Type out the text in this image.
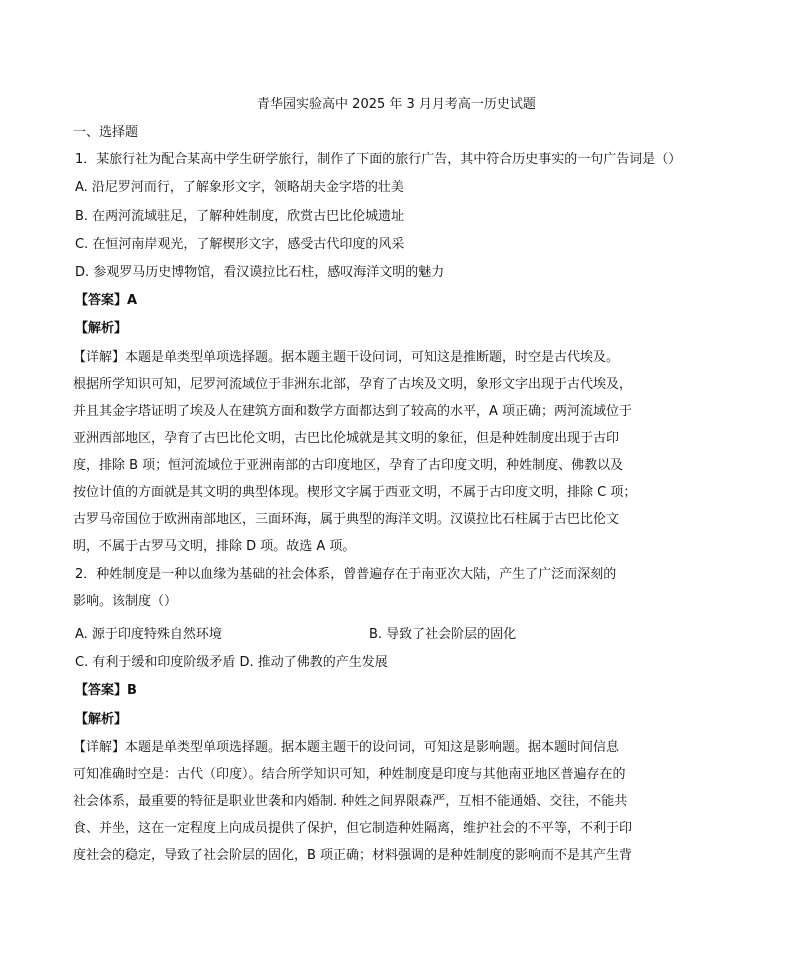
青华园实验高中 2025 年 3 月月考高一历史试题
一、选择题
1．某旅行社为配合某高中学生研学旅行，制作了下面的旅行广告，其中符合历史事实的一句广告词是（）
A. 沿尼罗河而行，了解象形文字，领略胡夫金字塔的壮美
B. 在两河流域驻足，了解种姓制度，欣赏古巴比伦城遗址
C. 在恒河南岸观光，了解楔形文字，感受古代印度的风采
D. 参观罗马历史博物馆，看汉谟拉比石柱，感叹海洋文明的魅力
【答案】A
【解析】
【详解】本题是单类型单项选择题。据本题主题干设问词，可知这是推断题，时空是古代埃及。
根据所学知识可知，尼罗河流域位于非洲东北部，孕育了古埃及文明，象形文字出现于古代埃及，
并且其金字塔证明了埃及人在建筑方面和数学方面都达到了较高的水平，A 项正确；两河流域位于
亚洲西部地区，孕育了古巴比伦文明，古巴比伦城就是其文明的象征，但是种姓制度出现于古印
度，排除 B 项；恒河流域位于亚洲南部的古印度地区，孕育了古印度文明，种姓制度、佛教以及
按位计值的方面就是其文明的典型体现。楔形文字属于西亚文明，不属于古印度文明，排除 C 项；
古罗马帝国位于欧洲南部地区，三面环海，属于典型的海洋文明。汉谟拉比石柱属于古巴比伦文
明，不属于古罗马文明，排除 D 项。故选 A 项。
2．种姓制度是一种以血缘为基础的社会体系，曾普遍存在于南亚次大陆，产生了广泛而深刻的
影响。该制度（）
A. 源于印度特殊自然环境	B. 导致了社会阶层的固化
C. 有利于缓和印度阶级矛盾 D. 推动了佛教的产生发展
【答案】B
【解析】
【详解】本题是单类型单项选择题。据本题主题干的设问词，可知这是影响题。据本题时间信息
可知准确时空是：古代（印度）。结合所学知识可知，种姓制度是印度与其他南亚地区普遍存在的
社会体系，最重要的特征是职业世袭和内婚制. 种姓之间界限森严，互相不能通婚、交往，不能共
食、并坐，这在一定程度上向成员提供了保护，但它制造种姓隔离，维护社会的不平等，不利于印
度社会的稳定，导致了社会阶层的固化，B 项正确；材料强调的是种姓制度的影响而不是其产生背
